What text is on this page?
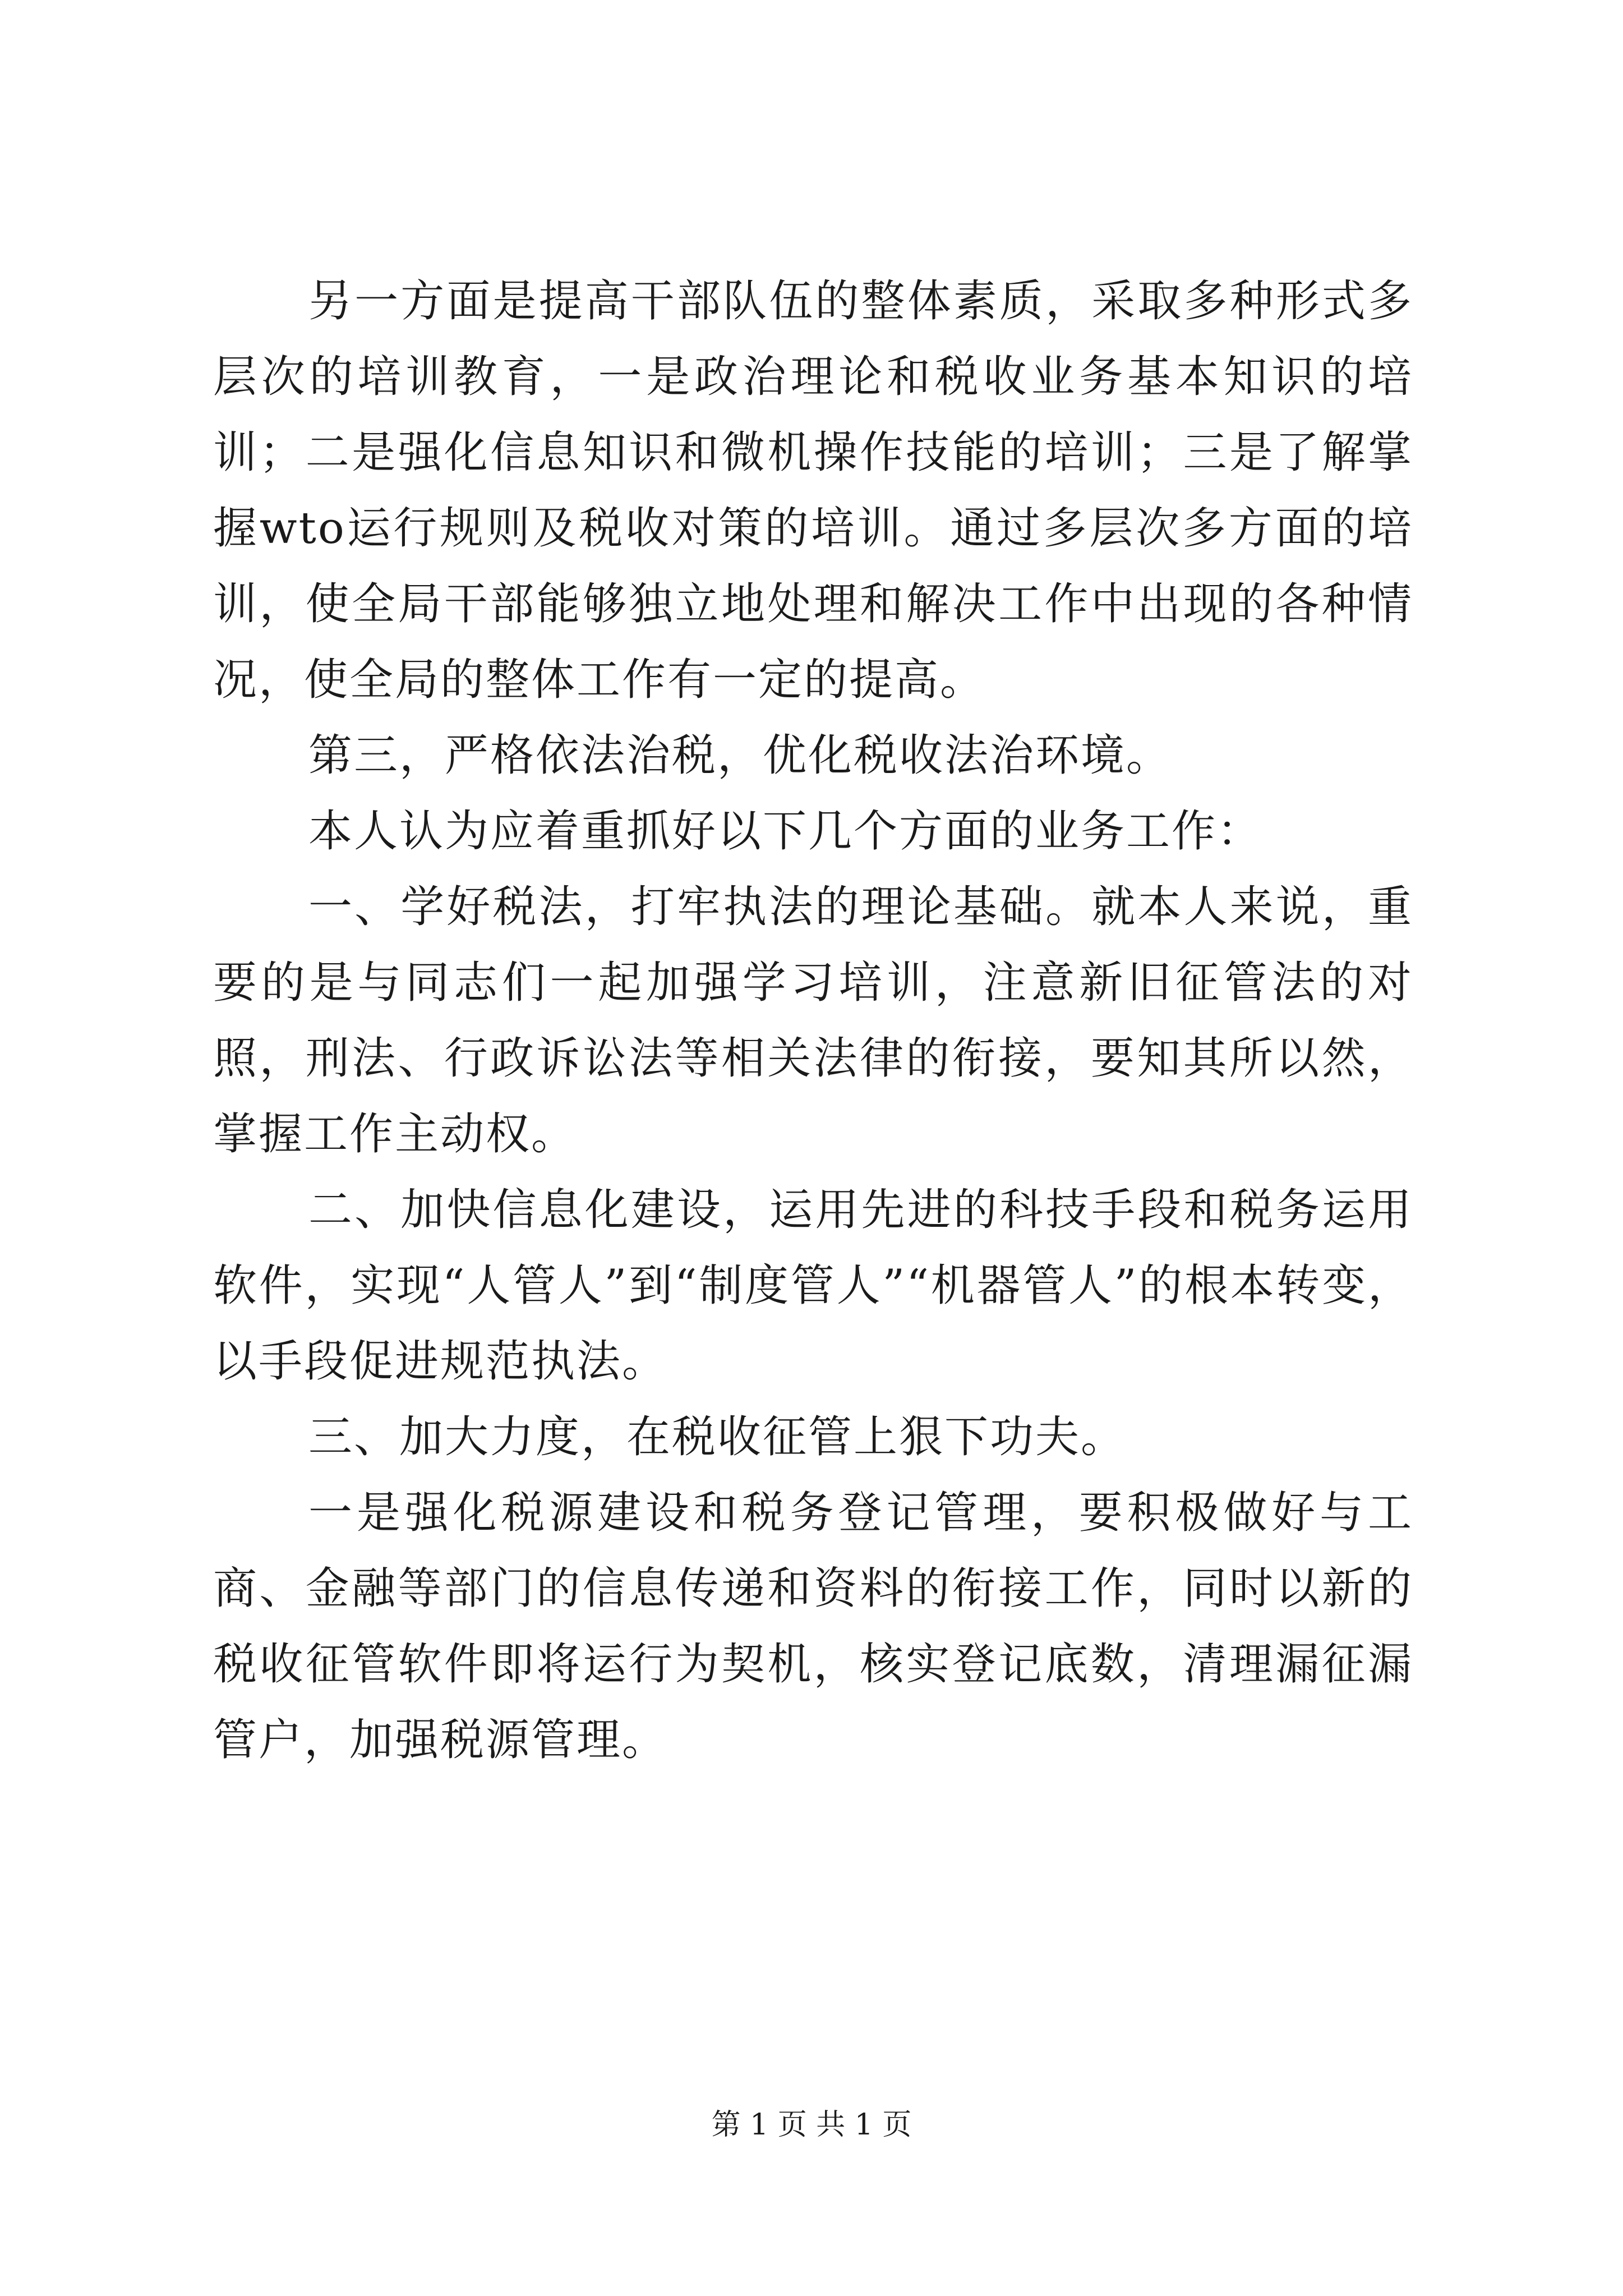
另一方面是提高干部队伍的整体素质，采取多种形式多层次的培训教育，一是政治理论和税收业务基本知识的培训；二是强化信息知识和微机操作技能的培训；三是了解掌握wto运行规则及税收对策的培训。通过多层次多方面的培训，使全局干部能够独立地处理和解决工作中出现的各种情况，使全局的整体工作有一定的提高。

第三，严格依法治税，优化税收法治环境。

本人认为应着重抓好以下几个方面的业务工作：

一、学好税法，打牢执法的理论基础。就本人来说，重要的是与同志们一起加强学习培训，注意新旧征管法的对照，刑法、行政诉讼法等相关法律的衔接，要知其所以然，掌握工作主动权。

二、加快信息化建设，运用先进的科技手段和税务运用软件，实现“人管人”到“制度管人”“机器管人”的根本转变，以手段促进规范执法。

三、加大力度，在税收征管上狠下功夫。

一是强化税源建设和税务登记管理，要积极做好与工商、金融等部门的信息传递和资料的衔接工作，同时以新的税收征管软件即将运行为契机，核实登记底数，清理漏征漏管户，加强税源管理。

第 1 页 共 1 页
